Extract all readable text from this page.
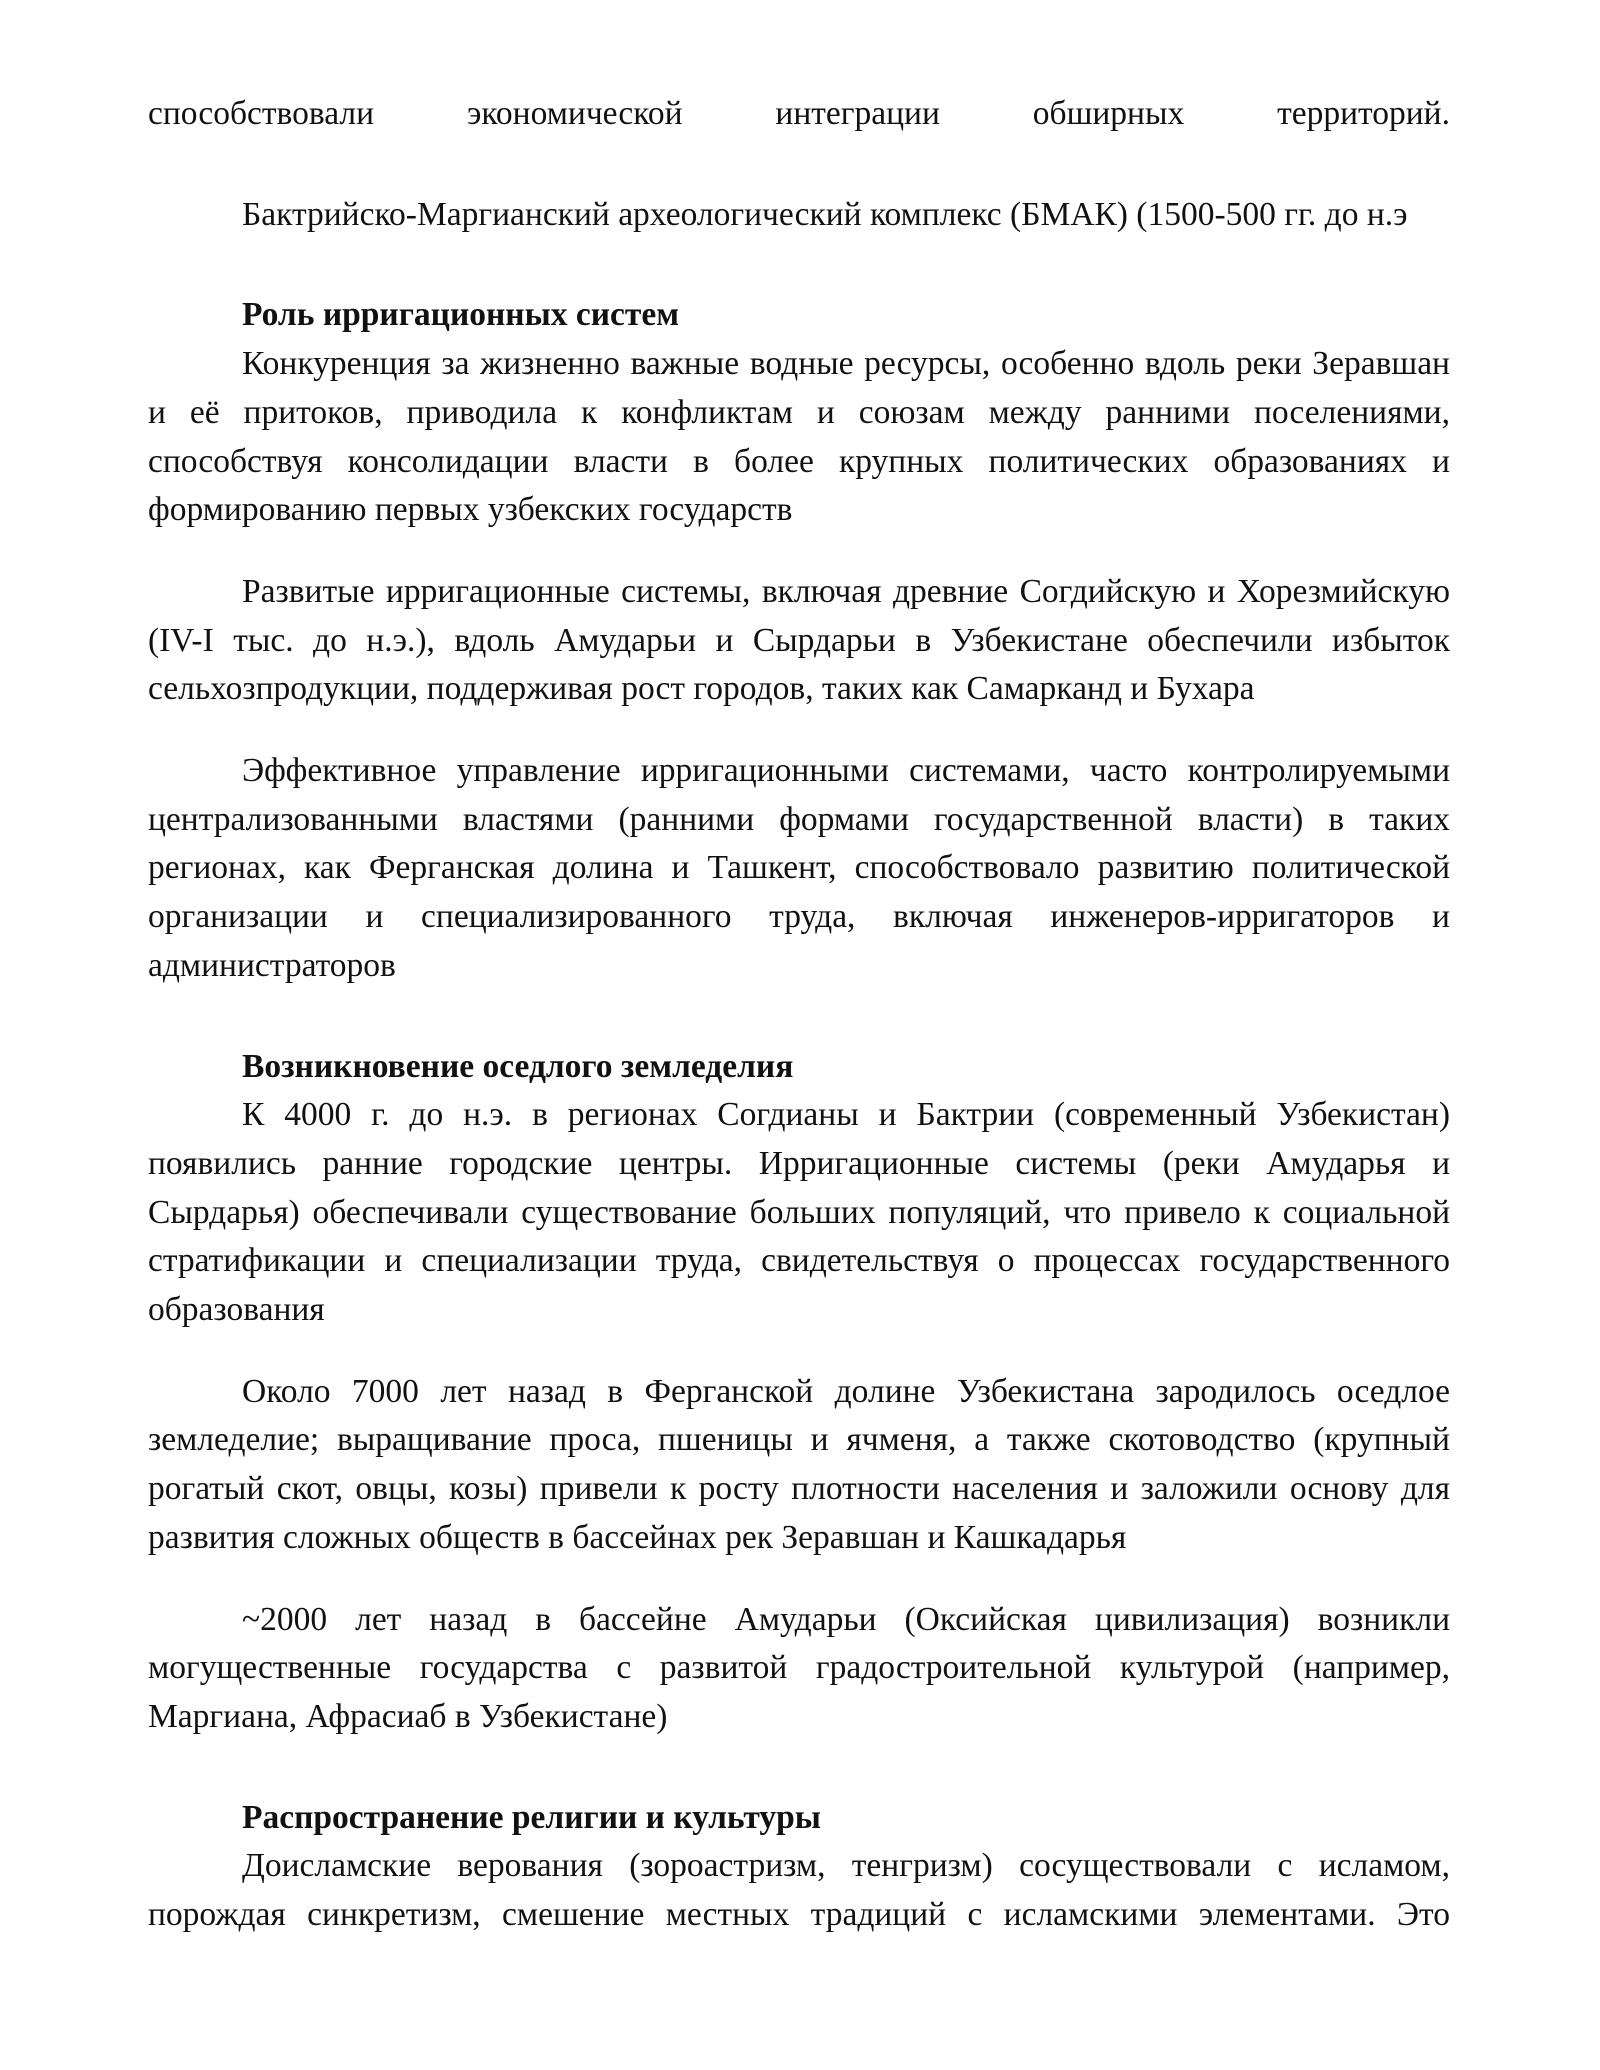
способствовали экономической интеграции обширных территорий.

Бактрийско-Маргианский археологический комплекс (БМАК) (1500-500 гг. до н.э

Роль ирригационных систем

Конкуренция за жизненно важные водные ресурсы, особенно вдоль реки Зеравшан и её притоков, приводила к конфликтам и союзам между ранними поселениями, способствуя консолидации власти в более крупных политических образованиях и формированию первых узбекских государств

Развитые ирригационные системы, включая древние Согдийскую и Хорезмийскую (IV-I тыс. до н.э.), вдоль Амударьи и Сырдарьи в Узбекистане обеспечили избыток сельхозпродукции, поддерживая рост городов, таких как Самарканд и Бухара

Эффективное управление ирригационными системами, часто контролируемыми централизованными властями (ранними формами государственной власти) в таких регионах, как Ферганская долина и Ташкент, способствовало развитию политической организации и специализированного труда, включая инженеров-ирригаторов и администраторов

Возникновение оседлого земледелия

К 4000 г. до н.э. в регионах Согдианы и Бактрии (современный Узбекистан) появились ранние городские центры. Ирригационные системы (реки Амударья и Сырдарья) обеспечивали существование больших популяций, что привело к социальной стратификации и специализации труда, свидетельствуя о процессах государственного образования

Около 7000 лет назад в Ферганской долине Узбекистана зародилось оседлое земледелие; выращивание проса, пшеницы и ячменя, а также скотоводство (крупный рогатый скот, овцы, козы) привели к росту плотности населения и заложили основу для развития сложных обществ в бассейнах рек Зеравшан и Кашкадарья

~2000 лет назад в бассейне Амударьи (Оксийская цивилизация) возникли могущественные государства с развитой градостроительной культурой (например, Маргиана, Афрасиаб в Узбекистане)

Распространение религии и культуры

Доисламские верования (зороастризм, тенгризм) сосуществовали с исламом, порождая синкретизм, смешение местных традиций с исламскими элементами. Это
